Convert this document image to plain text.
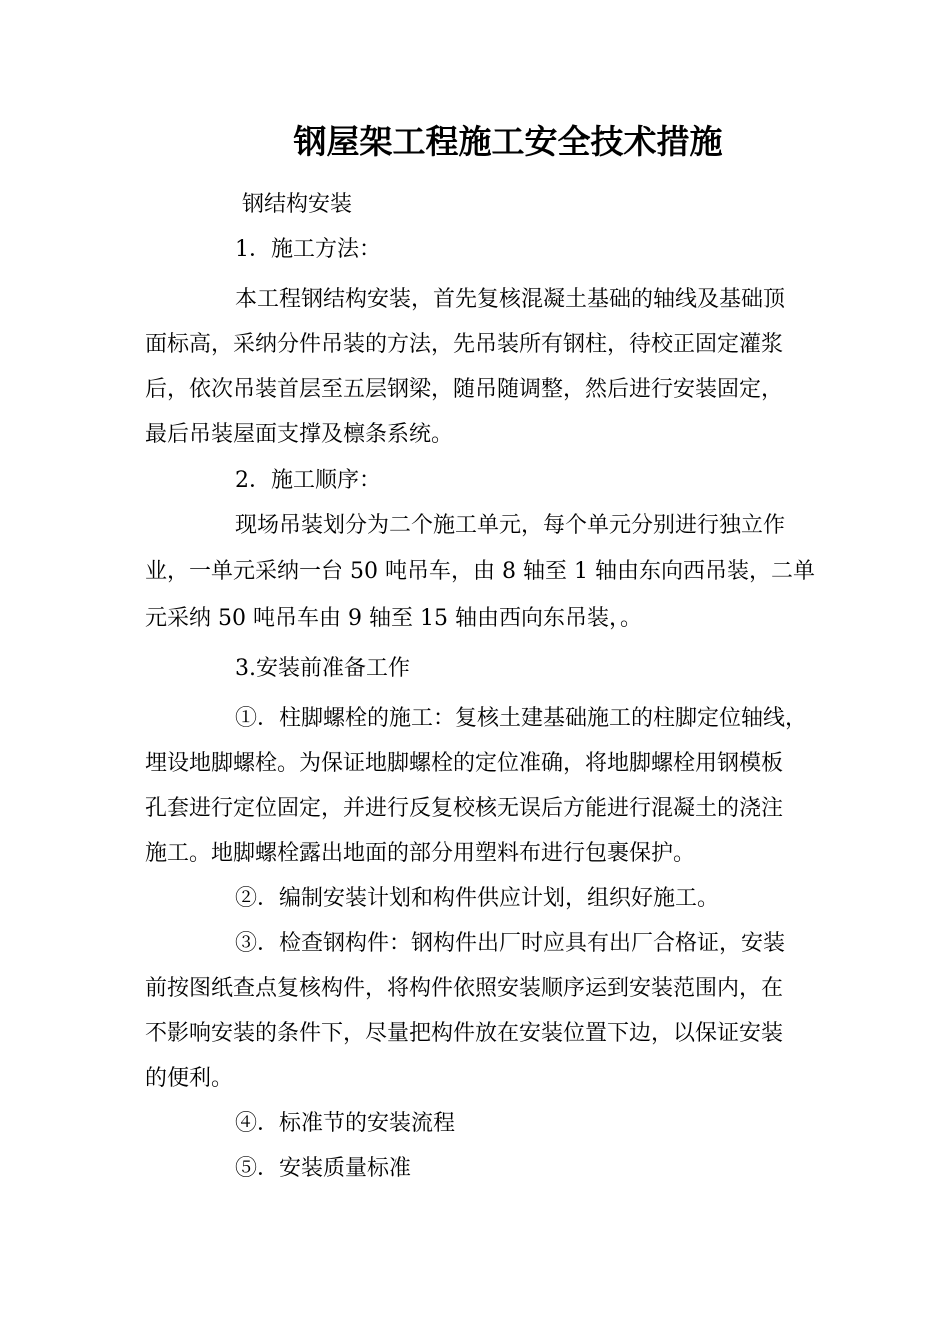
钢屋架工程施工安全技术措施
钢结构安装
1．施工方法：
本工程钢结构安装，首先复核混凝土基础的轴线及基础顶
面标高，采纳分件吊装的方法，先吊装所有钢柱，待校正固定灌浆
后，依次吊装首层至五层钢梁，随吊随调整，然后进行安装固定，
最后吊装屋面支撑及檩条系统。
2．施工顺序：
现场吊装划分为二个施工单元，每个单元分别进行独立作
业，一单元采纳一台 50 吨吊车，由 8 轴至 1 轴由东向西吊装，二单
元采纳 50 吨吊车由 9 轴至 15 轴由西向东吊装，。
3.安装前准备工作
①．柱脚螺栓的施工：复核土建基础施工的柱脚定位轴线，
埋设地脚螺栓。为保证地脚螺栓的定位准确，将地脚螺栓用钢模板
孔套进行定位固定，并进行反复校核无误后方能进行混凝土的浇注
施工。地脚螺栓露出地面的部分用塑料布进行包裹保护。
②．编制安装计划和构件供应计划，组织好施工。
③．检查钢构件：钢构件出厂时应具有出厂合格证，安装
前按图纸查点复核构件，将构件依照安装顺序运到安装范围内，在
不影响安装的条件下，尽量把构件放在安装位置下边，以保证安装
的便利。
④．标准节的安装流程
⑤．安装质量标准
